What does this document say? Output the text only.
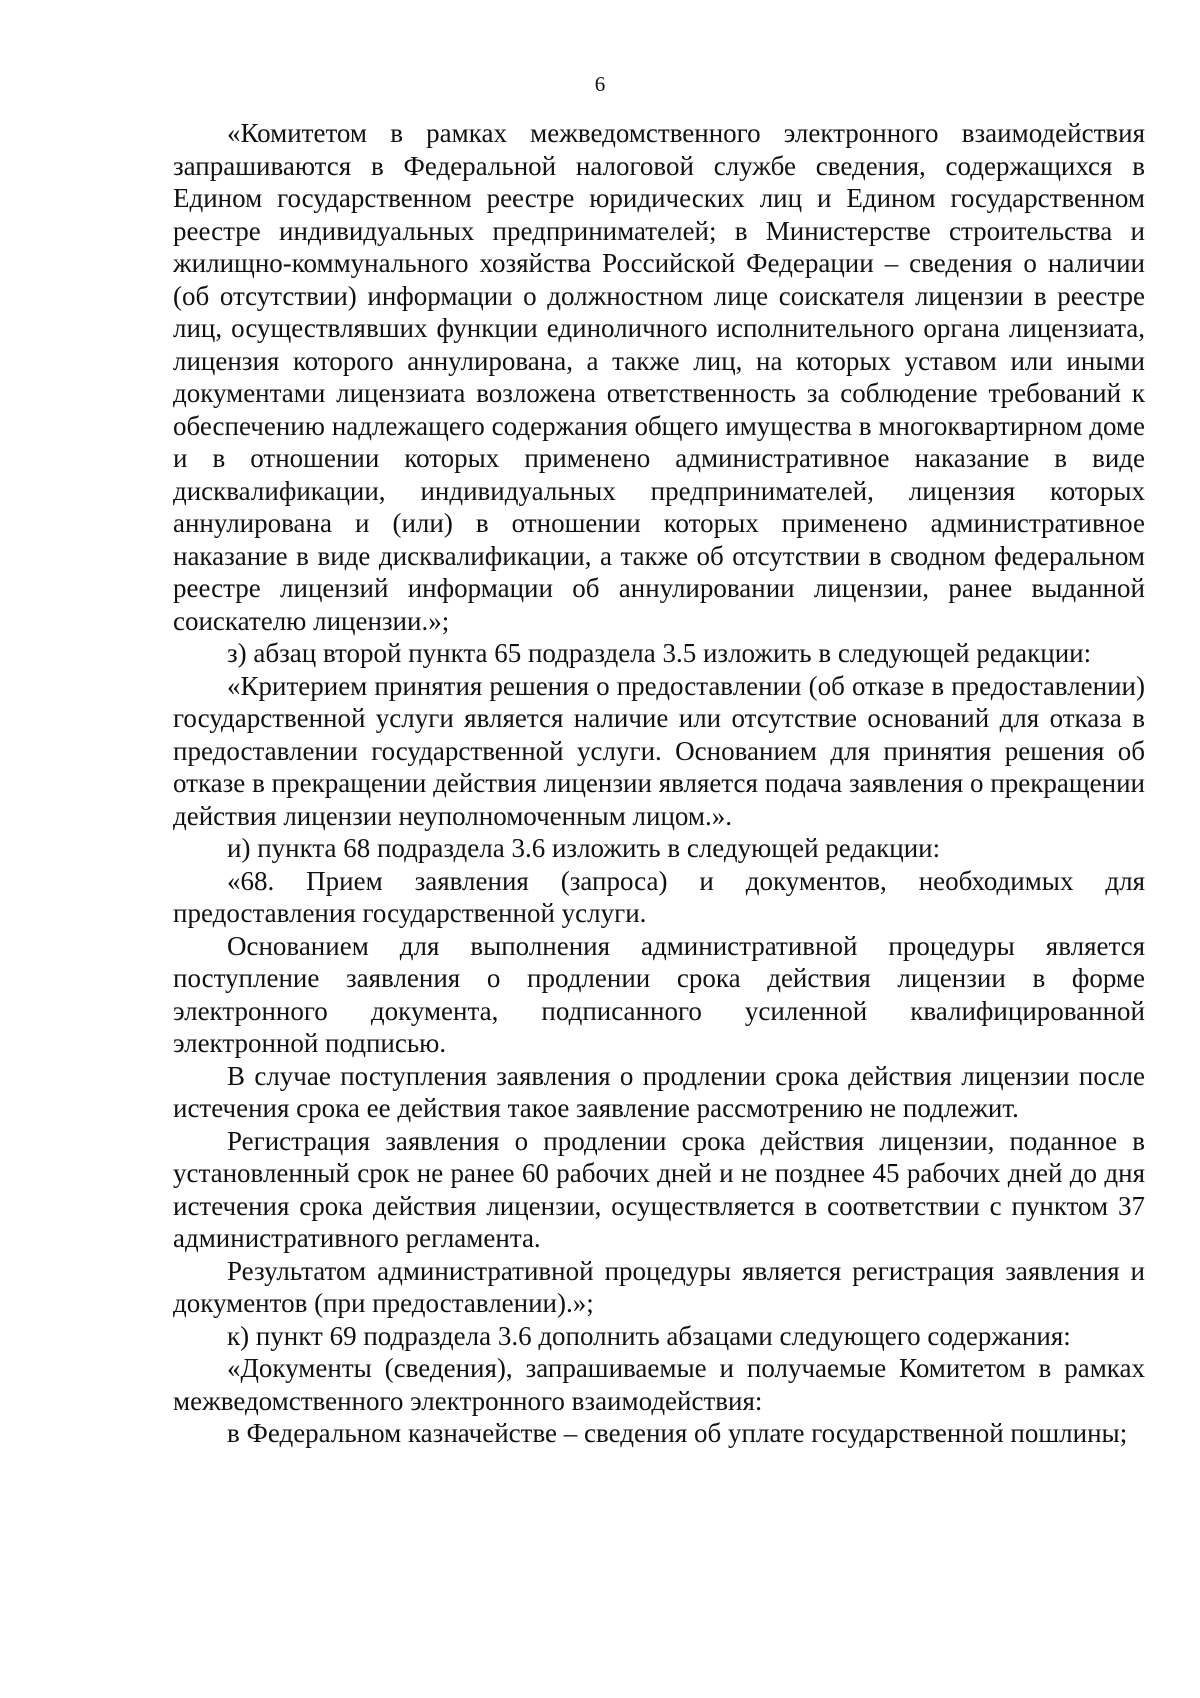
6

«Комитетом в рамках межведомственного электронного взаимодействия запрашиваются в Федеральной налоговой службе сведения, содержащихся в Едином государственном реестре юридических лиц и Едином государственном реестре индивидуальных предпринимателей; в Министерстве строительства и жилищно-коммунального хозяйства Российской Федерации – сведения о наличии (об отсутствии) информации о должностном лице соискателя лицензии в реестре лиц, осуществлявших функции единоличного исполнительного органа лицензиата, лицензия которого аннулирована, а также лиц, на которых уставом или иными документами лицензиата возложена ответственность за соблюдение требований к обеспечению надлежащего содержания общего имущества в многоквартирном доме и в отношении которых применено административное наказание в виде дисквалификации, индивидуальных предпринимателей, лицензия которых аннулирована и (или) в отношении которых применено административное наказание в виде дисквалификации, а также об отсутствии в сводном федеральном реестре лицензий информации об аннулировании лицензии, ранее выданной соискателю лицензии.»;

з) абзац второй пункта 65 подраздела 3.5 изложить в следующей редакции:

«Критерием принятия решения о предоставлении (об отказе в предоставлении) государственной услуги является наличие или отсутствие оснований для отказа в предоставлении государственной услуги. Основанием для принятия решения об отказе в прекращении действия лицензии является подача заявления о прекращении действия лицензии неуполномоченным лицом.».

и) пункта 68 подраздела 3.6 изложить в следующей редакции:

«68. Прием заявления (запроса) и документов, необходимых для предоставления государственной услуги.

Основанием для выполнения административной процедуры является поступление заявления о продлении срока действия лицензии в форме электронного документа, подписанного усиленной квалифицированной электронной подписью.

В случае поступления заявления о продлении срока действия лицензии после истечения срока ее действия такое заявление рассмотрению не подлежит.

Регистрация заявления о продлении срока действия лицензии, поданное в установленный срок не ранее 60 рабочих дней и не позднее 45 рабочих дней до дня истечения срока действия лицензии, осуществляется в соответствии с пунктом 37 административного регламента.

Результатом административной процедуры является регистрация заявления и документов (при предоставлении).»;

к) пункт 69 подраздела 3.6 дополнить абзацами следующего содержания:

«Документы (сведения), запрашиваемые и получаемые Комитетом в рамках межведомственного электронного взаимодействия:

в Федеральном казначействе – сведения об уплате государственной пошлины;
